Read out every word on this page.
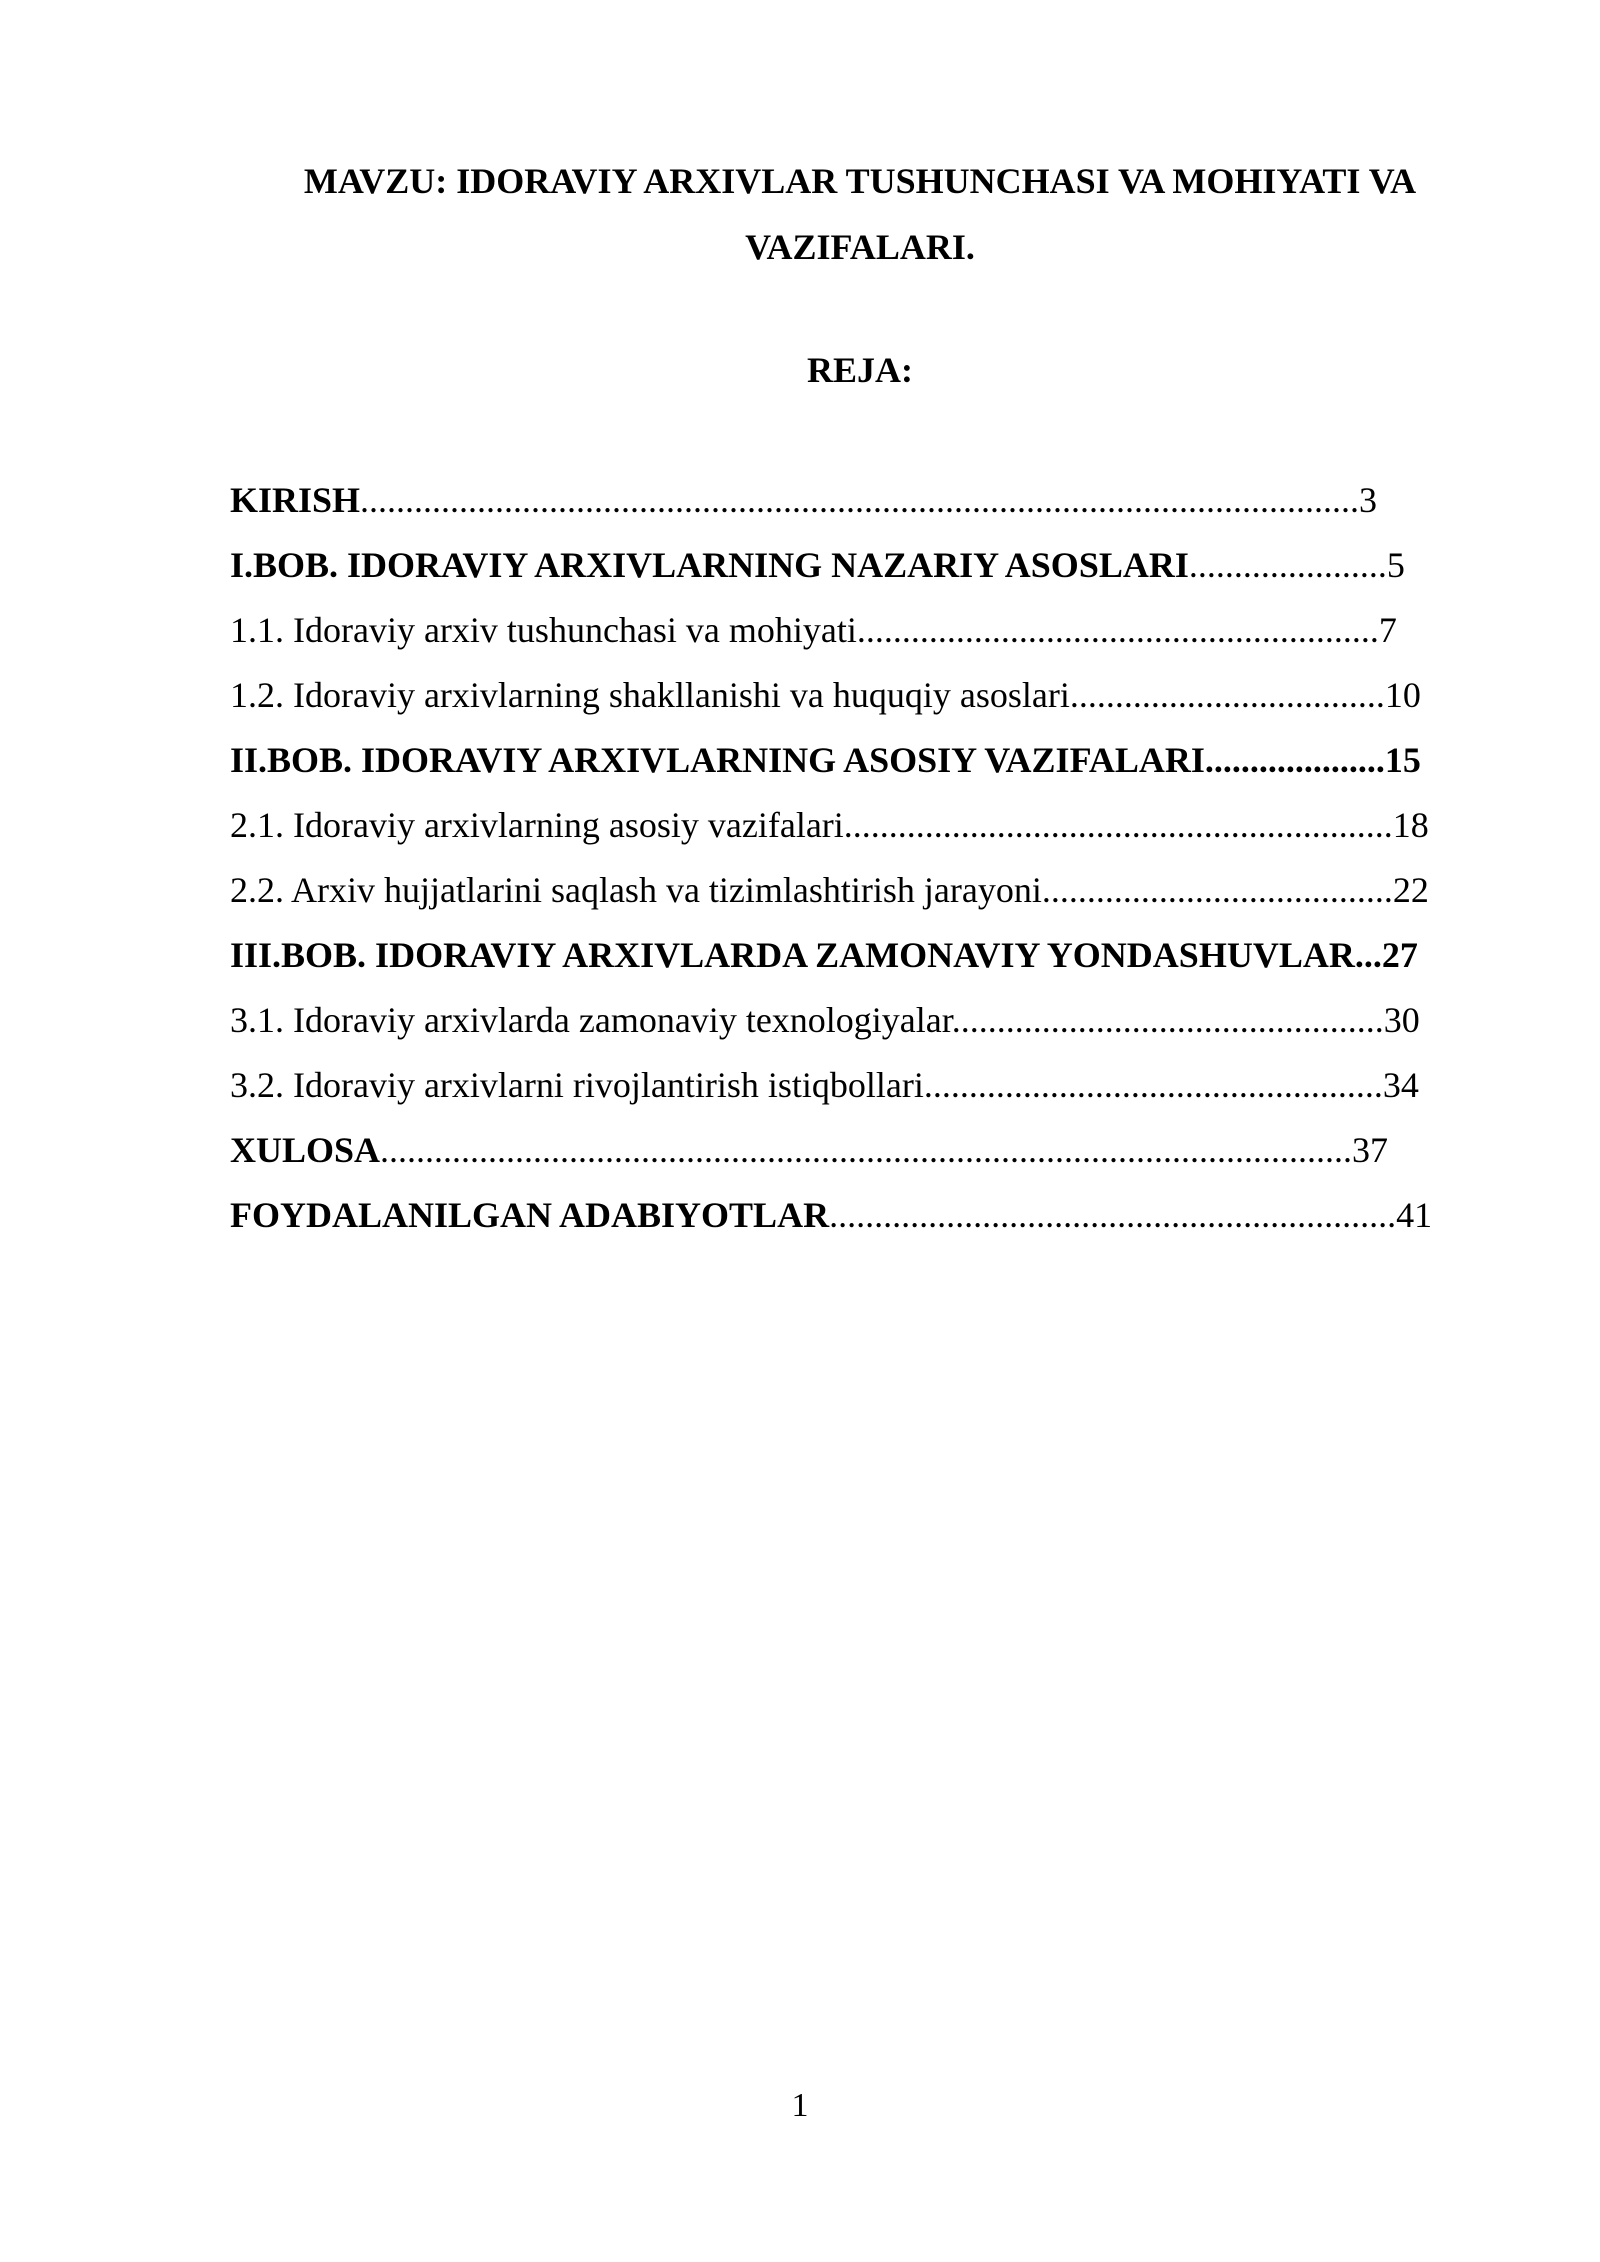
MAVZU: IDORAVIY ARXIVLAR TUSHUNCHASI VA MOHIYATI VA
VAZIFALARI.
REJA:
KIRISH...............................................................................................................3
I.BOB. IDORAVIY ARXIVLARNING NAZARIY ASOSLARI......................5
1.1. Idoraviy arxiv tushunchasi va mohiyati..........................................................7
1.2. Idoraviy arxivlarning shakllanishi va huquqiy asoslari...................................10
II.BOB. IDORAVIY ARXIVLARNING ASOSIY VAZIFALARI....................15
2.1. Idoraviy arxivlarning asosiy vazifalari.............................................................18
2.2. Arxiv hujjatlarini saqlash va tizimlashtirish jarayoni.......................................22
III.BOB. IDORAVIY ARXIVLARDA ZAMONAVIY YONDASHUVLAR...27
3.1. Idoraviy arxivlarda zamonaviy texnologiyalar................................................30
3.2. Idoraviy arxivlarni rivojlantirish istiqbollari...................................................34
XULOSA............................................................................................................37
FOYDALANILGAN ADABIYOTLAR...............................................................41
1
